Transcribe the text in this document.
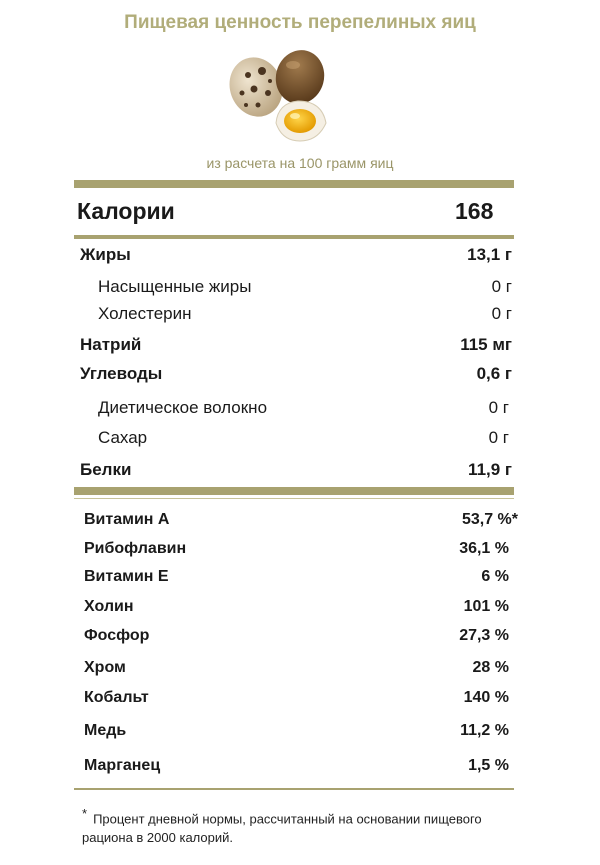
Пищевая ценность перепелиных яиц
из расчета на 100 грамм яиц
Калории	168
Жиры	13,1 г
Насыщенные жиры	0 г
Холестерин	0 г
Натрий	115 мг
Углеводы	0,6 г
Диетическое волокно	0 г
Сахар	0 г
Белки	11,9 г
Витамин А	53,7 %*
Рибофлавин	36,1 %
Витамин Е	6 %
Холин	101 %
Фосфор	27,3 %
Хром	28 %
Кобальт	140 %
Медь	11,2 %
Марганец	1,5 %
* Процент дневной нормы, рассчитанный на основании пищевого рациона в 2000 калорий.
